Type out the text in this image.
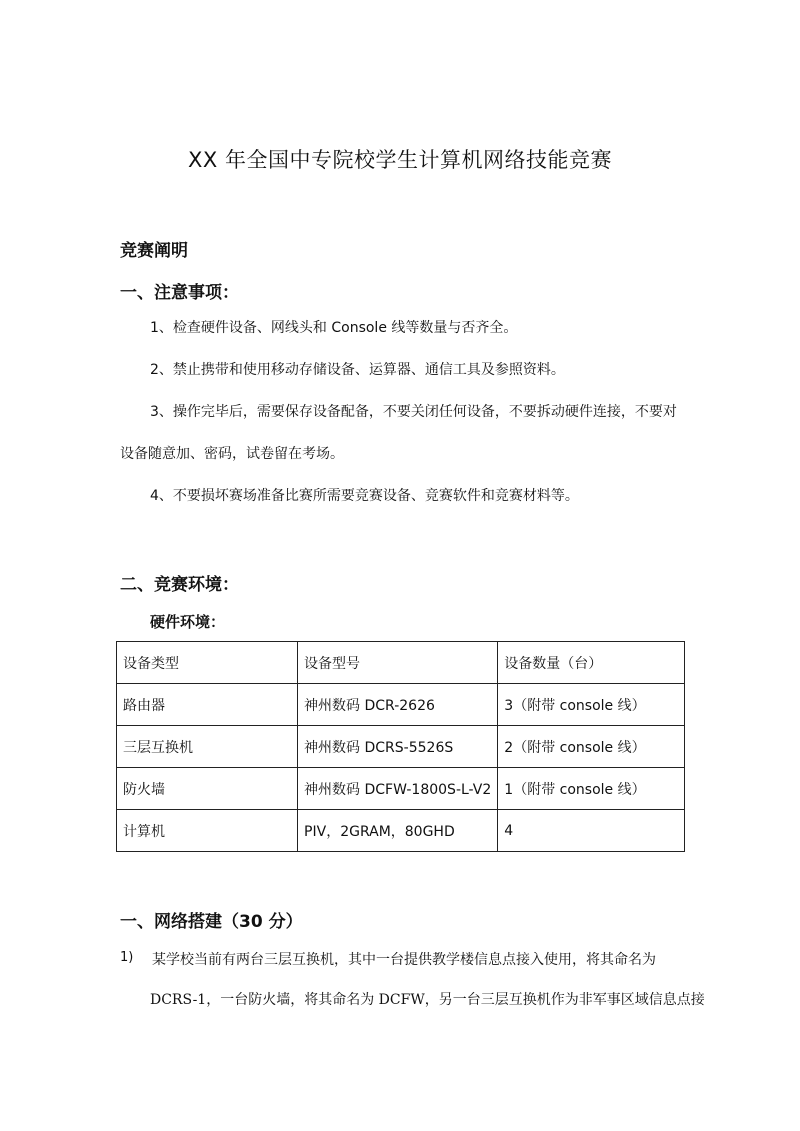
XX 年全国中专院校学生计算机网络技能竞赛
竞赛阐明
一、注意事项：
1、检查硬件设备、网线头和 Console 线等数量与否齐全。
2、禁止携带和使用移动存储设备、运算器、通信工具及参照资料。
3、操作完毕后，需要保存设备配备，不要关闭任何设备，不要拆动硬件连接，不要对
设备随意加、密码，试卷留在考场。
4、不要损坏赛场准备比赛所需要竞赛设备、竞赛软件和竞赛材料等。
二、竞赛环境：
硬件环境：
设备类型	设备型号	设备数量（台）
路由器	神州数码 DCR-2626	3（附带 console 线）
三层互换机	神州数码 DCRS-5526S	2（附带 console 线）
防火墙	神州数码 DCFW-1800S-L-V2	1（附带 console 线）
计算机	PIV，2GRAM，80GHD	4
一、网络搭建（30 分）
1) 某学校当前有两台三层互换机，其中一台提供教学楼信息点接入使用，将其命名为
DCRS-1，一台防火墙，将其命名为 DCFW，另一台三层互换机作为非军事区域信息点接
